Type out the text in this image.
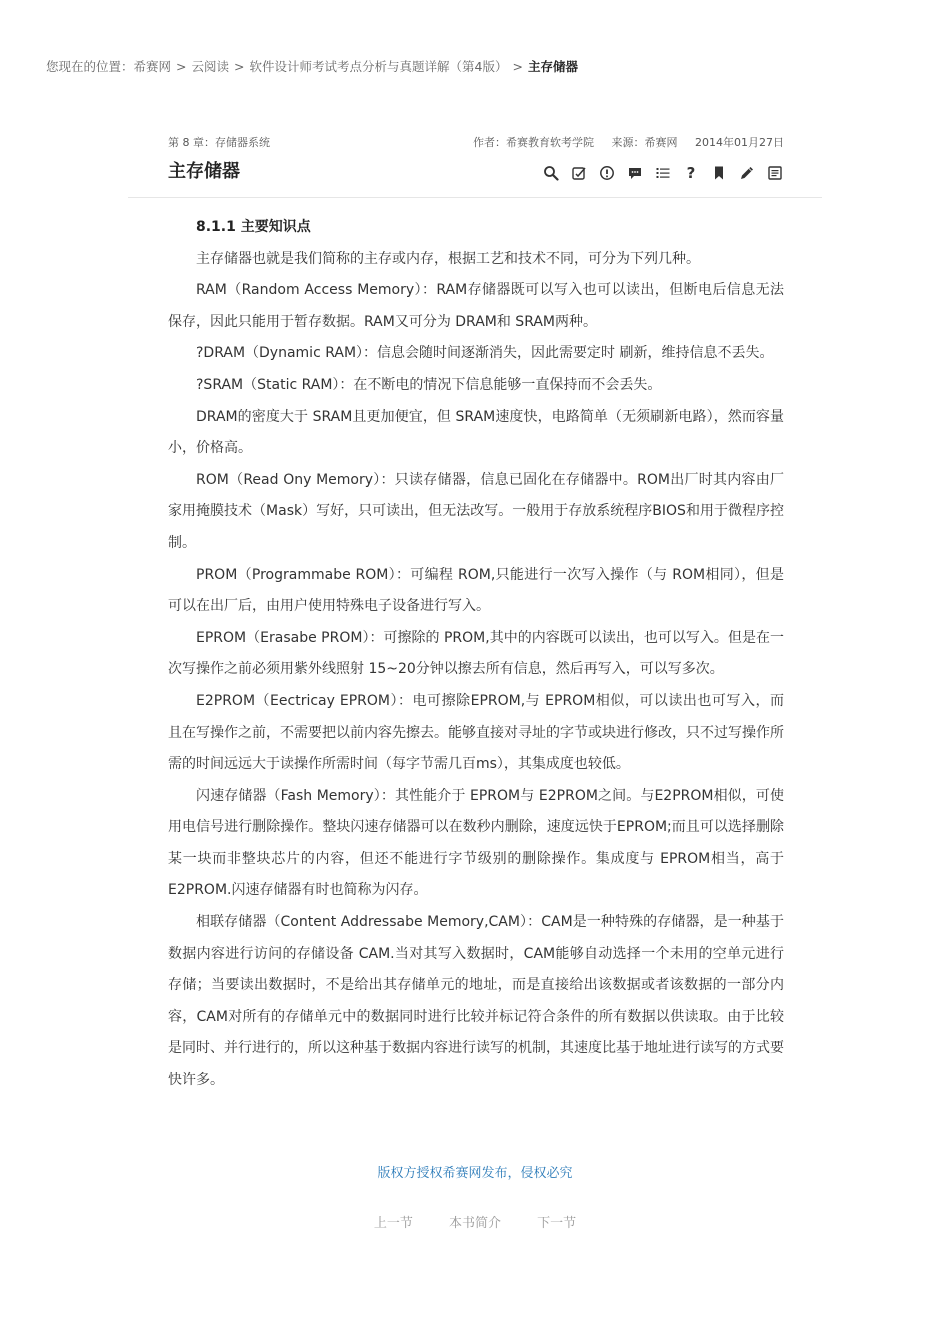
您现在的位置：希赛网 > 云阅读 > 软件设计师考试考点分析与真题详解（第4版） > 主存储器
第 8 章：存储器系统	作者：希赛教育软考学院 来源：希赛网 2014年01月27日
主存储器	?
8.1.1 主要知识点

主存储器也就是我们简称的主存或内存，根据工艺和技术不同，可分为下列几种。

RAM（Random Access Memory）：RAM存储器既可以写入也可以读出，但断电后信息无法保存，因此只能用于暂存数据。RAM又可分为 DRAM和 SRAM两种。

?DRAM（Dynamic RAM）：信息会随时间逐渐消失，因此需要定时 刷新，维持信息不丢失。

?SRAM（Static RAM）：在不断电的情况下信息能够一直保持而不会丢失。

DRAM的密度大于 SRAM且更加便宜，但 SRAM速度快，电路简单（无须刷新电路），然而容量小，价格高。

ROM（Read Ony Memory）：只读存储器，信息已固化在存储器中。ROM出厂时其内容由厂家用掩膜技术（Mask）写好，只可读出，但无法改写。一般用于存放系统程序BIOS和用于微程序控制。

PROM（Programmabe ROM）：可编程 ROM,只能进行一次写入操作（与 ROM相同），但是可以在出厂后，由用户使用特殊电子设备进行写入。

EPROM（Erasabe PROM）：可擦除的 PROM,其中的内容既可以读出，也可以写入。但是在一次写操作之前必须用紫外线照射 15~20分钟以擦去所有信息，然后再写入，可以写多次。

E2PROM（Eectricay EPROM）：电可擦除EPROM,与 EPROM相似，可以读出也可写入，而且在写操作之前，不需要把以前内容先擦去。能够直接对寻址的字节或块进行修改，只不过写操作所需的时间远远大于读操作所需时间（每字节需几百ms），其集成度也较低。

闪速存储器（Fash Memory）：其性能介于 EPROM与 E2PROM之间。与E2PROM相似，可使用电信号进行删除操作。整块闪速存储器可以在数秒内删除，速度远快于EPROM;而且可以选择删除某一块而非整块芯片的内容，但还不能进行字节级别的删除操作。集成度与 EPROM相当，高于 E2PROM.闪速存储器有时也简称为闪存。

相联存储器（Content Addressabe Memory,CAM）：CAM是一种特殊的存储器，是一种基于数据内容进行访问的存储设备 CAM.当对其写入数据时，CAM能够自动选择一个未用的空单元进行存储；当要读出数据时，不是给出其存储单元的地址，而是直接给出该数据或者该数据的一部分内容，CAM对所有的存储单元中的数据同时进行比较并标记符合条件的所有数据以供读取。由于比较是同时、并行进行的，所以这种基于数据内容进行读写的机制，其速度比基于地址进行读写的方式要快许多。

版权方授权希赛网发布，侵权必究
上一节	本书简介	下一节
